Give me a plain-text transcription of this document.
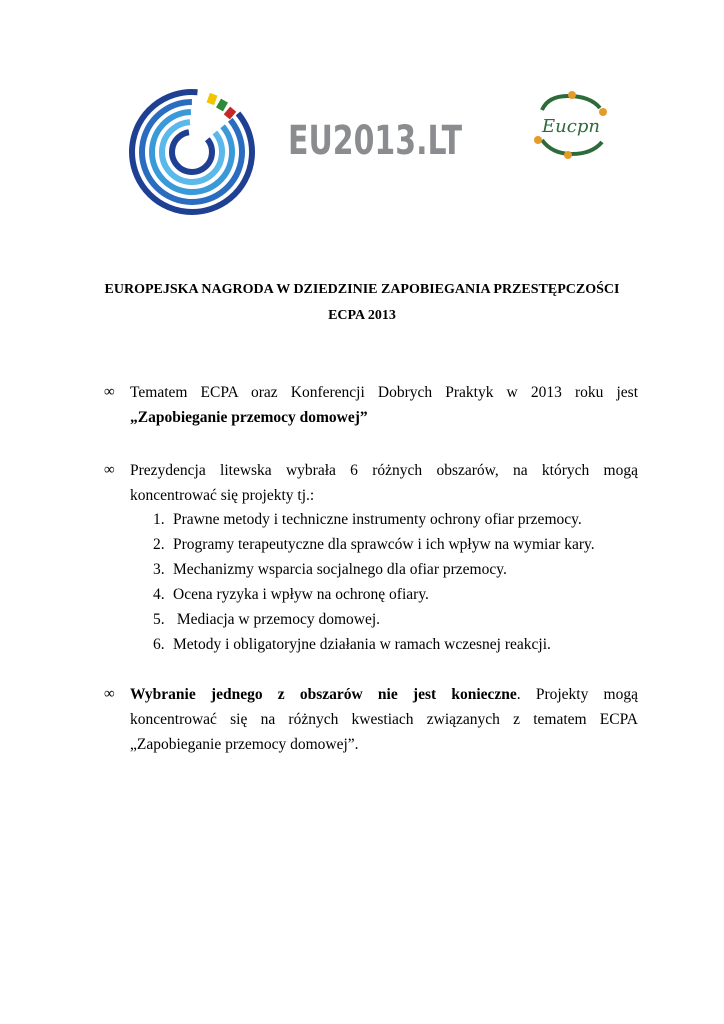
EU2013.LT	Eucpn
EUROPEJSKA NAGRODA W DZIEDZINIE ZAPOBIEGANIA PRZESTĘPCZOŚCI
ECPA 2013
∞ Tematem ECPA oraz Konferencji Dobrych Praktyk w 2013 roku jest „Zapobieganie przemocy domowej”
∞ Prezydencja litewska wybrała 6 różnych obszarów, na których mogą koncentrować się projekty tj.:
1. Prawne metody i techniczne instrumenty ochrony ofiar przemocy.
2. Programy terapeutyczne dla sprawców i ich wpływ na wymiar kary.
3. Mechanizmy wsparcia socjalnego dla ofiar przemocy.
4. Ocena ryzyka i wpływ na ochronę ofiary.
5. Mediacja w przemocy domowej.
6. Metody i obligatoryjne działania w ramach wczesnej reakcji.
∞ Wybranie jednego z obszarów nie jest konieczne. Projekty mogą koncentrować się na różnych kwestiach związanych z tematem ECPA „Zapobieganie przemocy domowej”.
